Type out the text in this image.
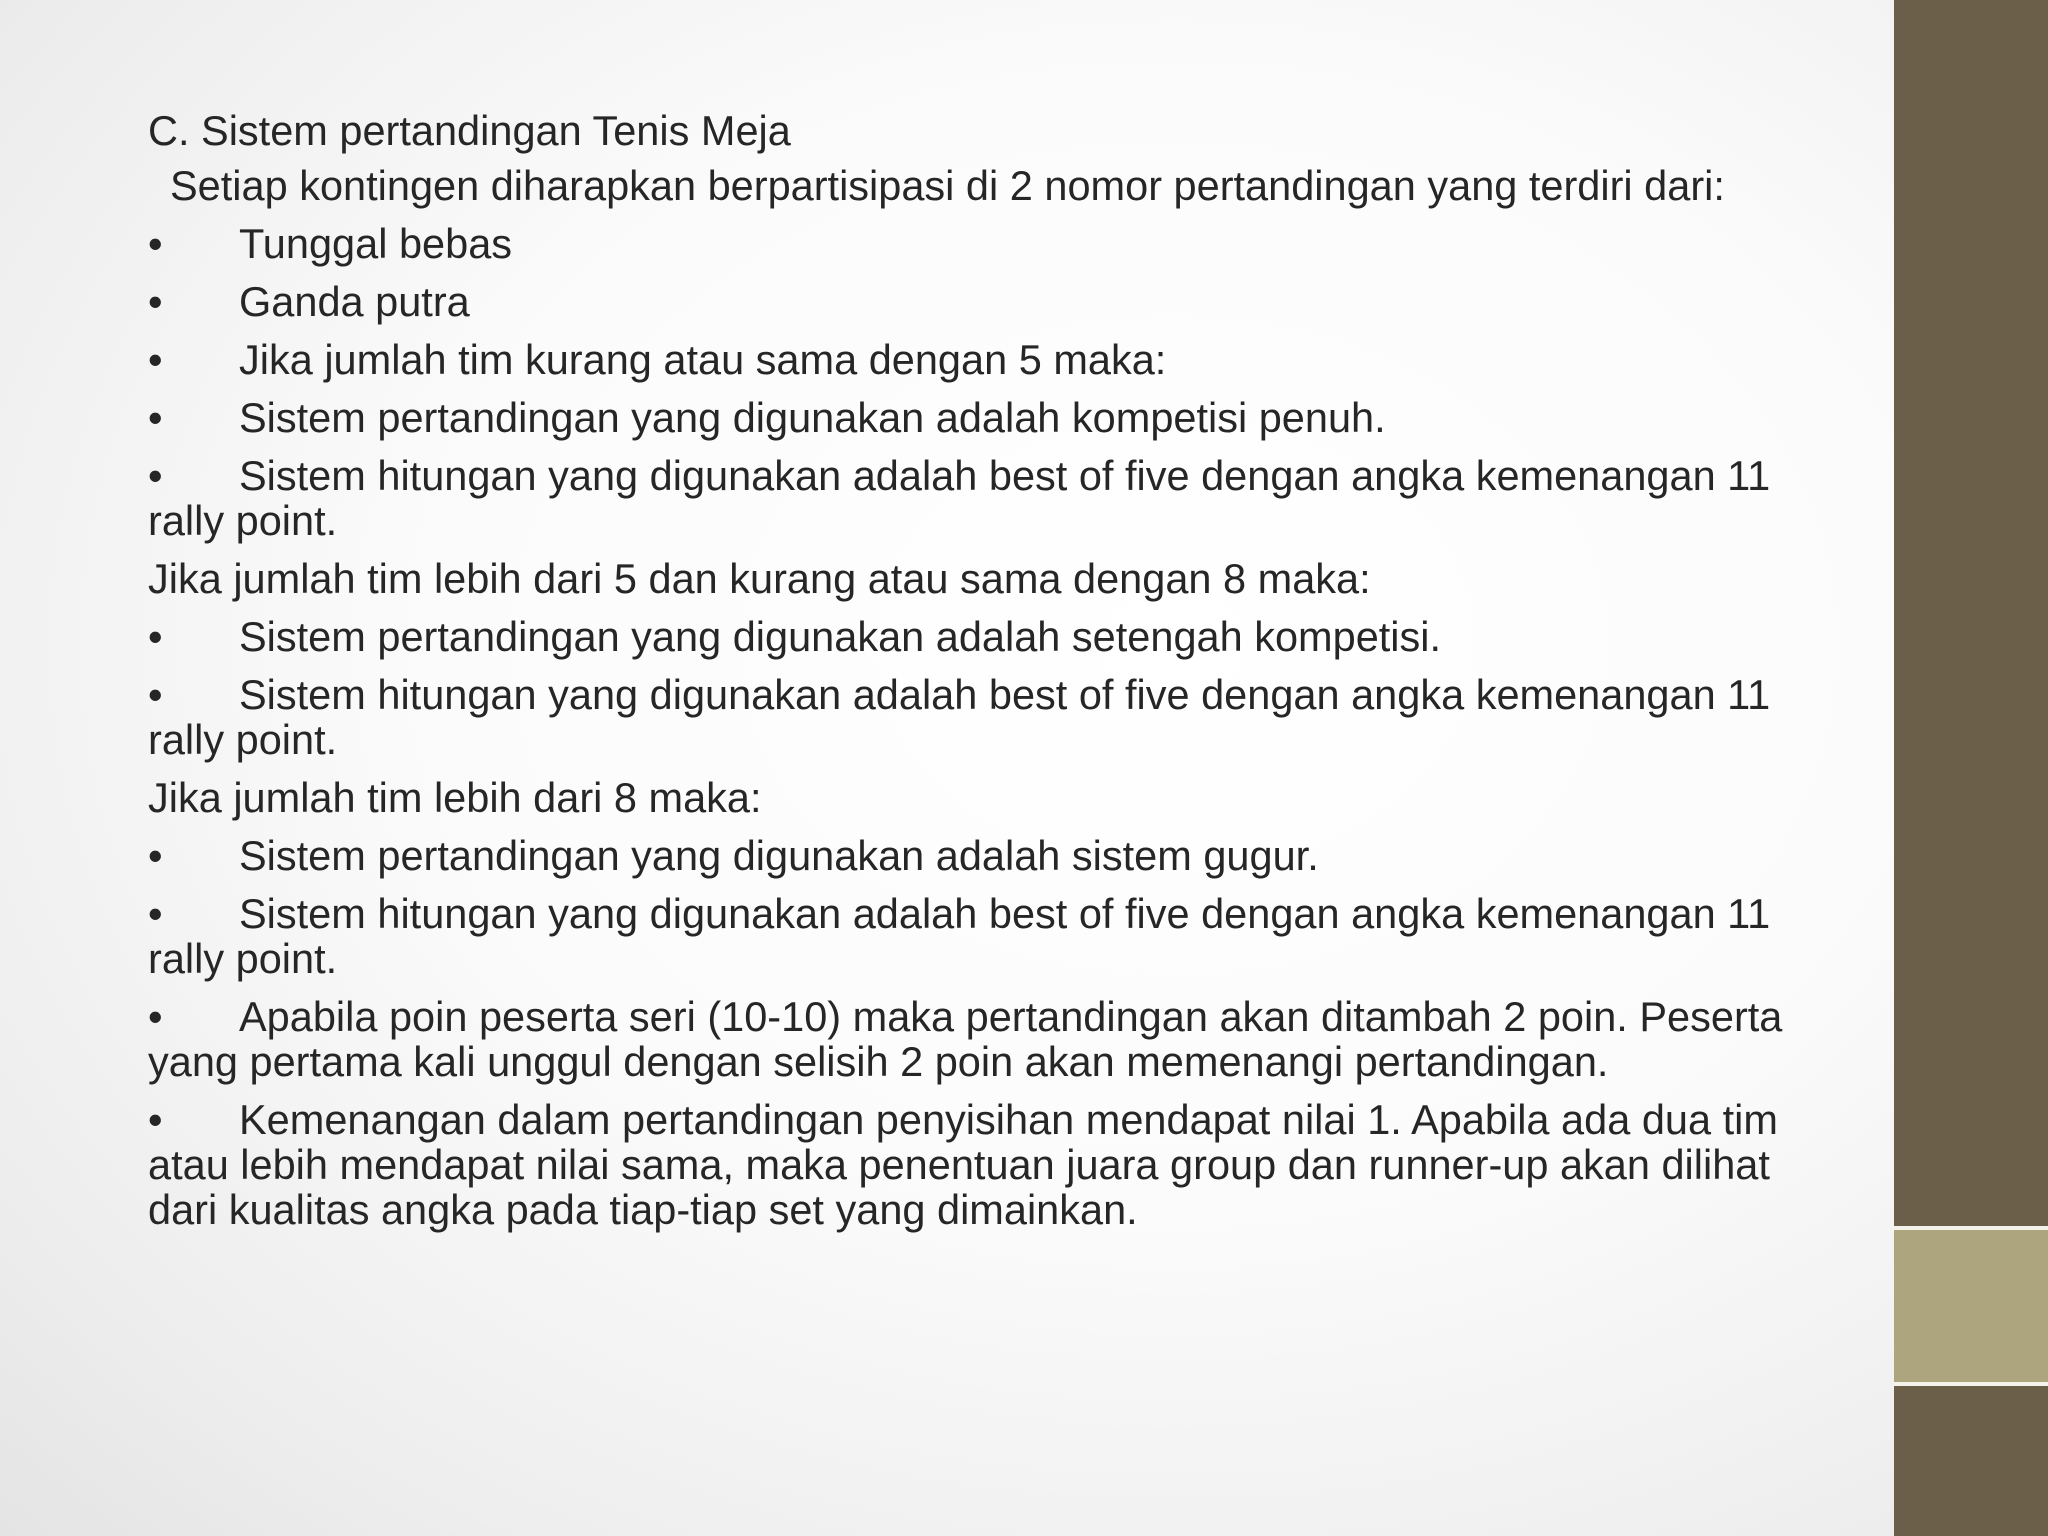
C. Sistem pertandingan Tenis Meja
Setiap kontingen diharapkan berpartisipasi di 2 nomor pertandingan yang terdiri dari:
• Tunggal bebas
• Ganda putra
• Jika jumlah tim kurang atau sama dengan 5 maka:
• Sistem pertandingan yang digunakan adalah kompetisi penuh.
• Sistem hitungan yang digunakan adalah best of five dengan angka kemenangan 11 rally point.
Jika jumlah tim lebih dari 5 dan kurang atau sama dengan 8 maka:
• Sistem pertandingan yang digunakan adalah setengah kompetisi.
• Sistem hitungan yang digunakan adalah best of five dengan angka kemenangan 11 rally point.
Jika jumlah tim lebih dari 8 maka:
• Sistem pertandingan yang digunakan adalah sistem gugur.
• Sistem hitungan yang digunakan adalah best of five dengan angka kemenangan 11 rally point.
• Apabila poin peserta seri (10-10) maka pertandingan akan ditambah 2 poin. Peserta yang pertama kali unggul dengan selisih 2 poin akan memenangi pertandingan.
• Kemenangan dalam pertandingan penyisihan mendapat nilai 1. Apabila ada dua tim atau lebih mendapat nilai sama, maka penentuan juara group dan runner-up akan dilihat dari kualitas angka pada tiap-tiap set yang dimainkan.
